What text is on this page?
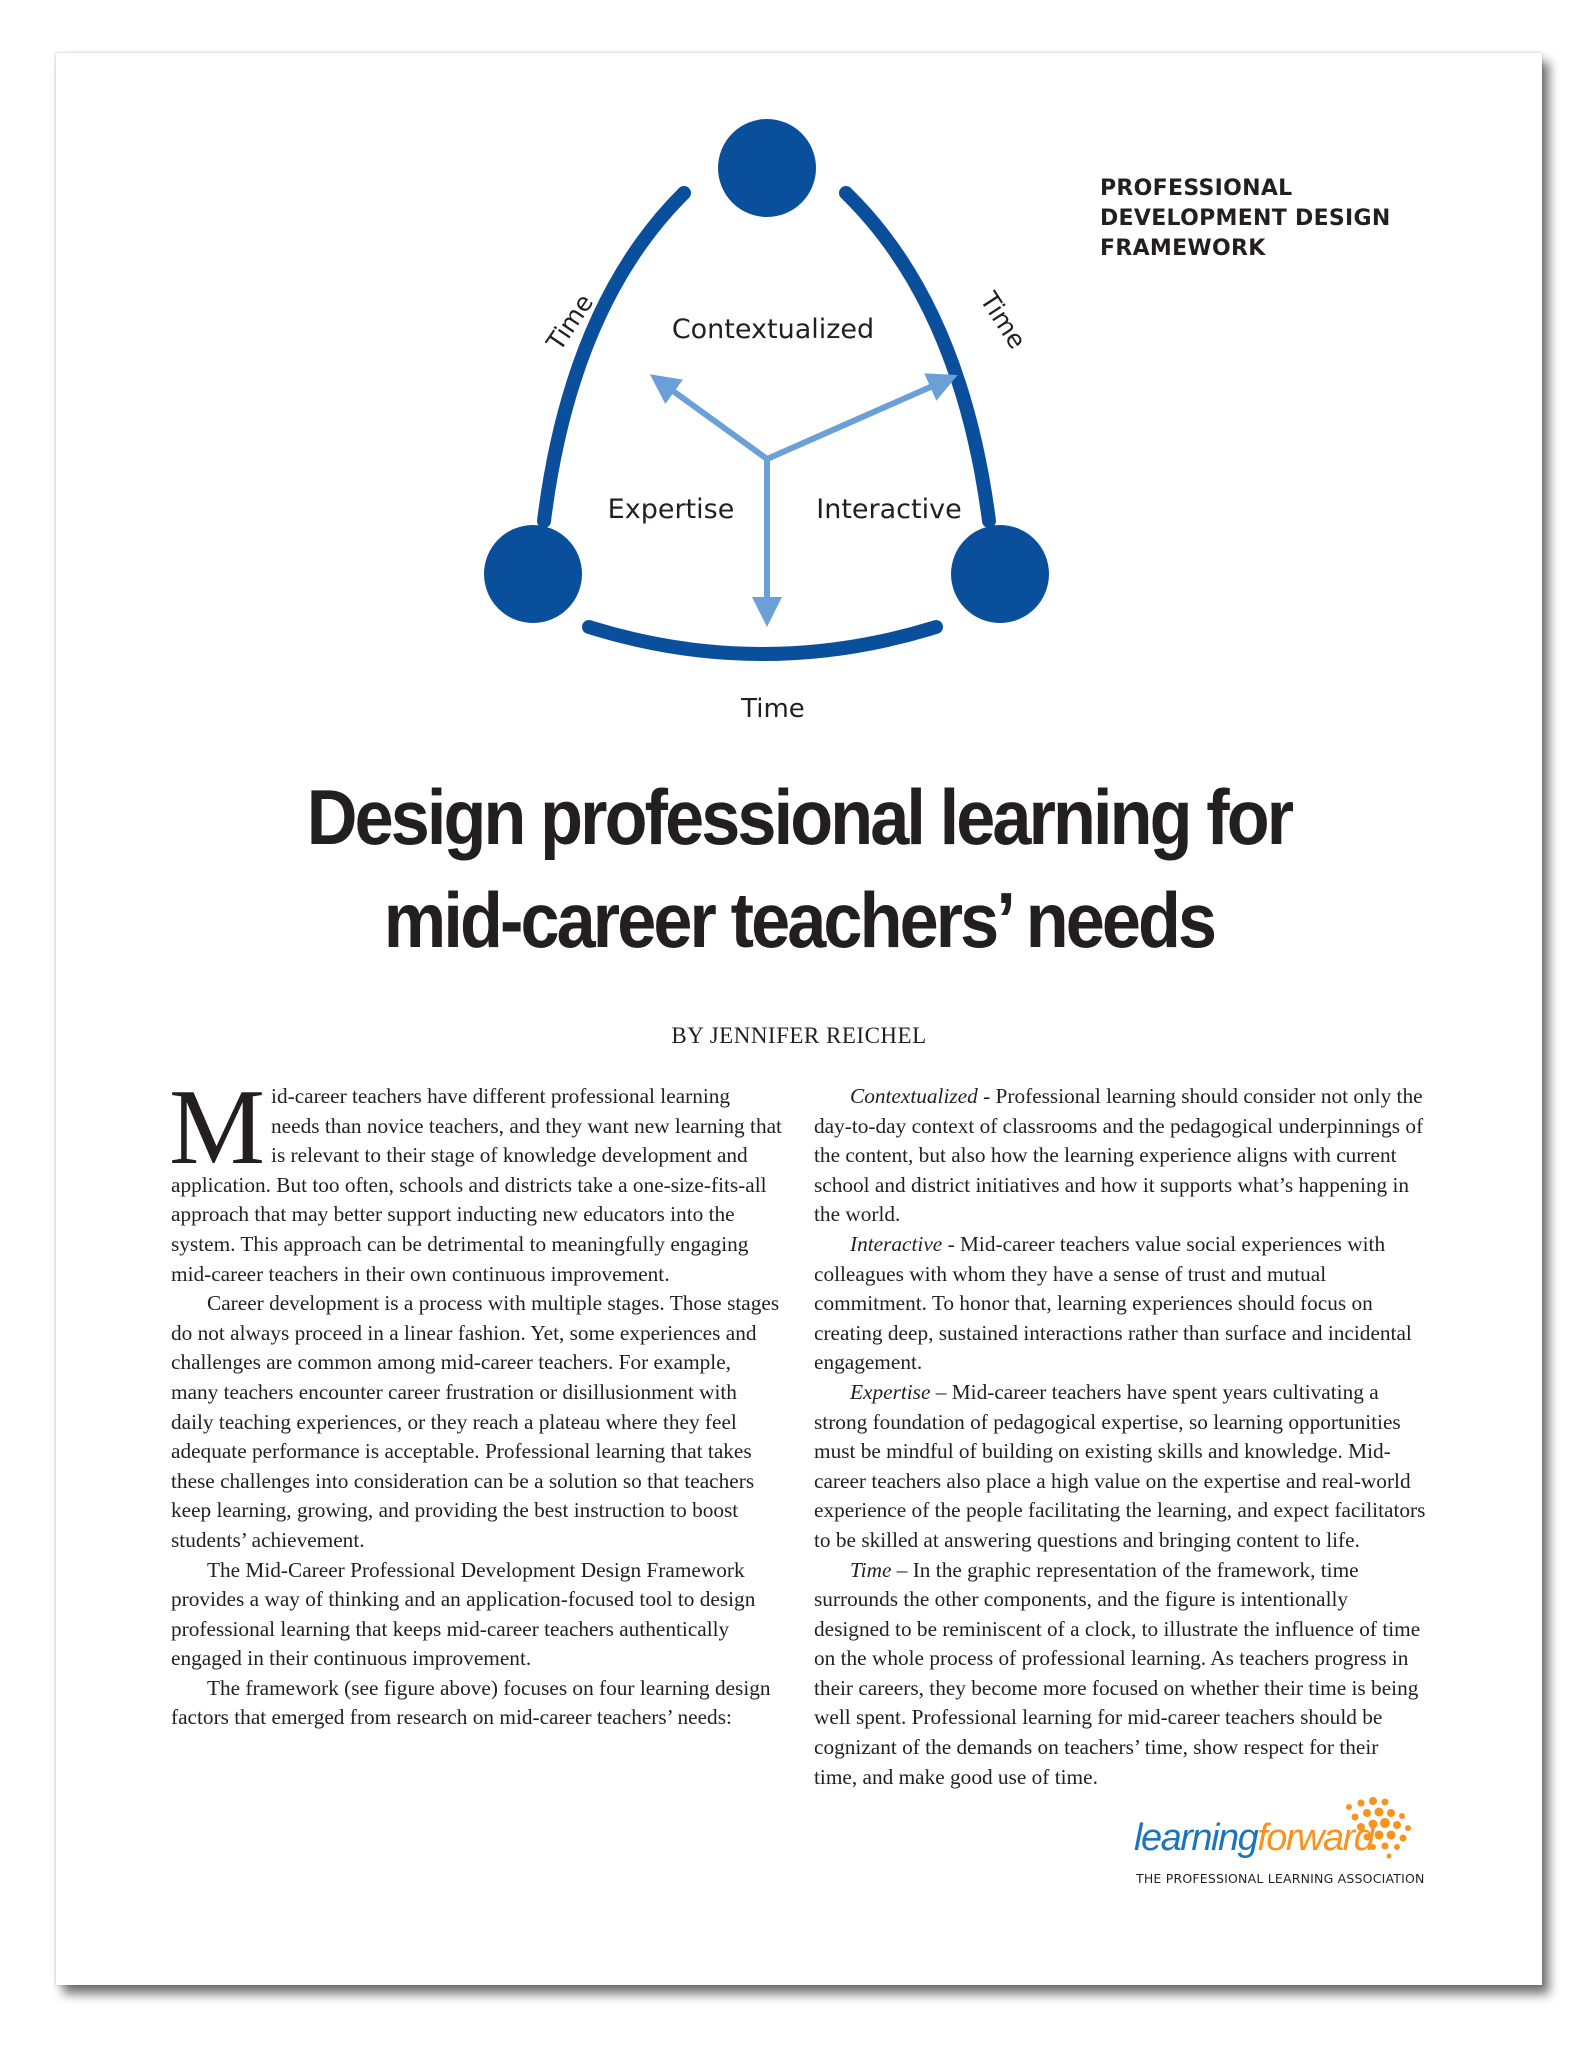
Contextualized
Expertise	Interactive
Time	Time
Time
PROFESSIONAL
DEVELOPMENT DESIGN
FRAMEWORK
Design professional learning for
mid-career teachers’ needs
BY JENNIFER REICHEL

Mid-career teachers have different professional learning needs than novice teachers, and they want new learning that is relevant to their stage of knowledge development and application. But too often, schools and districts take a one-size-fits-all approach that may better support inducting new educators into the system. This approach can be detrimental to meaningfully engaging mid-career teachers in their own continuous improvement.

Career development is a process with multiple stages. Those stages do not always proceed in a linear fashion. Yet, some experiences and challenges are common among mid-career teachers. For example, many teachers encounter career frustration or disillusionment with daily teaching experiences, or they reach a plateau where they feel adequate performance is acceptable. Professional learning that takes these challenges into consideration can be a solution so that teachers keep learning, growing, and providing the best instruction to boost students’ achievement.

The Mid-Career Professional Development Design Framework provides a way of thinking and an application-focused tool to design professional learning that keeps mid-career teachers authentically engaged in their continuous improvement.

The framework (see figure above) focuses on four learning design factors that emerged from research on mid-career teachers’ needs:

Contextualized - Professional learning should consider not only the day-to-day context of classrooms and the pedagogical underpinnings of the content, but also how the learning experience aligns with current school and district initiatives and how it supports what’s happening in the world.

Interactive - Mid-career teachers value social experiences with colleagues with whom they have a sense of trust and mutual commitment. To honor that, learning experiences should focus on creating deep, sustained interactions rather than surface and incidental engagement.

Expertise – Mid-career teachers have spent years cultivating a strong foundation of pedagogical expertise, so learning opportunities must be mindful of building on existing skills and knowledge. Mid-career teachers also place a high value on the expertise and real-world experience of the people facilitating the learning, and expect facilitators to be skilled at answering questions and bringing content to life.

Time – In the graphic representation of the framework, time surrounds the other components, and the figure is intentionally designed to be reminiscent of a clock, to illustrate the influence of time on the whole process of professional learning. As teachers progress in their careers, they become more focused on whether their time is being well spent. Professional learning for mid-career teachers should be cognizant of the demands on teachers’ time, show respect for their time, and make good use of time.

learningforward
THE PROFESSIONAL LEARNING ASSOCIATION
